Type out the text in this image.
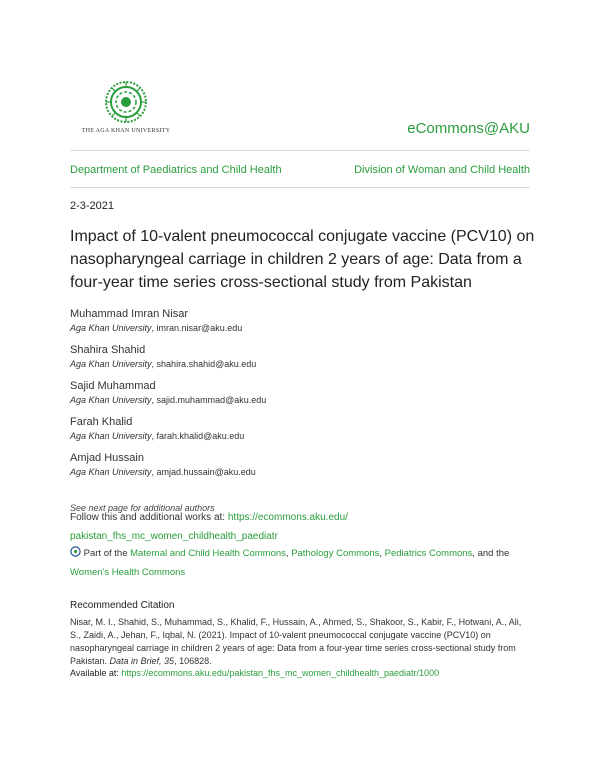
THE AGA KHAN UNIVERSITY	eCommons@AKU
Department of Paediatrics and Child Health	Division of Woman and Child Health
2-3-2021
Impact of 10-valent pneumococcal conjugate vaccine (PCV10) on nasopharyngeal carriage in children 2 years of age: Data from a four-year time series cross-sectional study from Pakistan
Muhammad Imran Nisar
Aga Khan University, imran.nisar@aku.edu
Shahira Shahid
Aga Khan University, shahira.shahid@aku.edu
Sajid Muhammad
Aga Khan University, sajid.muhammad@aku.edu
Farah Khalid
Aga Khan University, farah.khalid@aku.edu
Amjad Hussain
Aga Khan University, amjad.hussain@aku.edu
See next page for additional authors
Follow this and additional works at: https://ecommons.aku.edu/
pakistan_fhs_mc_women_childhealth_paediatr
Part of the Maternal and Child Health Commons, Pathology Commons, Pediatrics Commons, and the
Women's Health Commons
Recommended Citation
Nisar, M. I., Shahid, S., Muhammad, S., Khalid, F., Hussain, A., Ahmed, S., Shakoor, S., Kabir, F., Hotwani, A., Ali, S., Zaidi, A., Jehan, F., Iqbal, N. (2021). Impact of 10-valent pneumococcal conjugate vaccine (PCV10) on nasopharyngeal carriage in children 2 years of age: Data from a four-year time series cross-sectional study from Pakistan. Data in Brief, 35, 106828.
Available at: https://ecommons.aku.edu/pakistan_fhs_mc_women_childhealth_paediatr/1000
